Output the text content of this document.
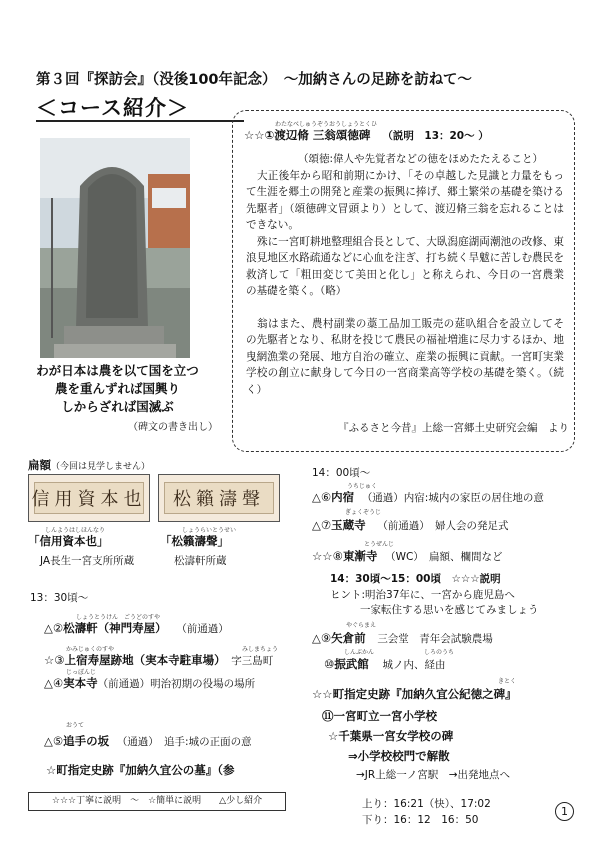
第３回『探訪会』（没後100年記念）　～加納さんの足跡を訪ねて～
＜コース紹介＞
わが日本は農を以て国を立つ
農を重んずれば国興り
しからざれば国滅ぶ
（碑文の書き出し）
わたなべしゅうぞうおうしょうとくひ
☆☆①渡辺脩 三翁頌徳碑 （説明　13：20～ ）
（頌徳:偉人や先覚者などの徳をほめたたえること）
大正後年から昭和前期にかけ、「その卓越した見識と力量をもって生涯を郷土の開発と産業の振興に捧げ、郷土繁栄の基礎を築ける先駆者」（頌徳碑文冒頭より）として、渡辺脩三翁を忘れることはできない。
殊に一宮町耕地整理組合長として、大臥潟庭湖両潮池の改修、東浪見地区水路疏通などに心血を注ぎ、打ち続く旱魃に苦しむ農民を救済して「粗田変じて美田と化し」と称えられ、今日の一宮農業の基礎を築く。（略）
翁はまた、農村副業の藁工品加工販売の莚叺組合を設立してその先駆者となり、私財を投じて農民の福祉増進に尽力するほか、地曳網漁業の発展、地方自治の確立、産業の振興に貢献。一宮町実業学校の創立に献身して今日の一宮商業高等学校の基礎を築く。（続く）
『ふるさと今昔』上総一宮郷土史研究会編　より
扁額（今回は見学しません）
信用資本也	松籟濤聲
しんようはしほんなり	しょうらいとうせい
「信用資本也」	「松籟濤聲」
JA長生一宮支所所蔵	松濤軒所蔵
13：30頃～
しょうとうけん ごうどのすや
△②松濤軒（神門寿屋） （前通過）
かみじゅくのすや	みしまちょう
☆③上宿寿屋跡地（実本寺駐車場） 字三島町
じっぽんじ
△④実本寺（前通過）明治初期の役場の場所
おうて
△⑤追手の坂 （通過）　追手:城の正面の意
☆町指定史跡『加納久宜公の墓』（参
14：00頃～
うちじゅく
△⑥内宿 （通過）内宿:城内の家臣の居住地の意
ぎょくぞうじ
△⑦玉蔵寺 （前通過）　婦人会の発足式
とうぜんじ
☆☆⑧東漸寺 （WC）　扁額、欄間など
14：30頃～15：00頃　☆☆☆説明
ヒント:明治37年に、一宮から鹿児島へ
一家転住する思いを感じてみましょう
やぐらまえ
△⑨矢倉前 三会堂　青年会試験農場
しんぶかん	しろのうち
⑩振武館 城ノ内、経由
きとく
☆☆町指定史跡『加納久宜公紀徳之碑』
⑪一宮町立一宮小学校
☆千葉県一宮女学校の碑
⇒小学校校門で解散
→JR上総一ノ宮駅　→出発地点へ
☆☆☆丁寧に説明　～　☆簡単に説明　　△少し紹介	上り：16:21（快）、17:02
下り：16：12　16：50
1
